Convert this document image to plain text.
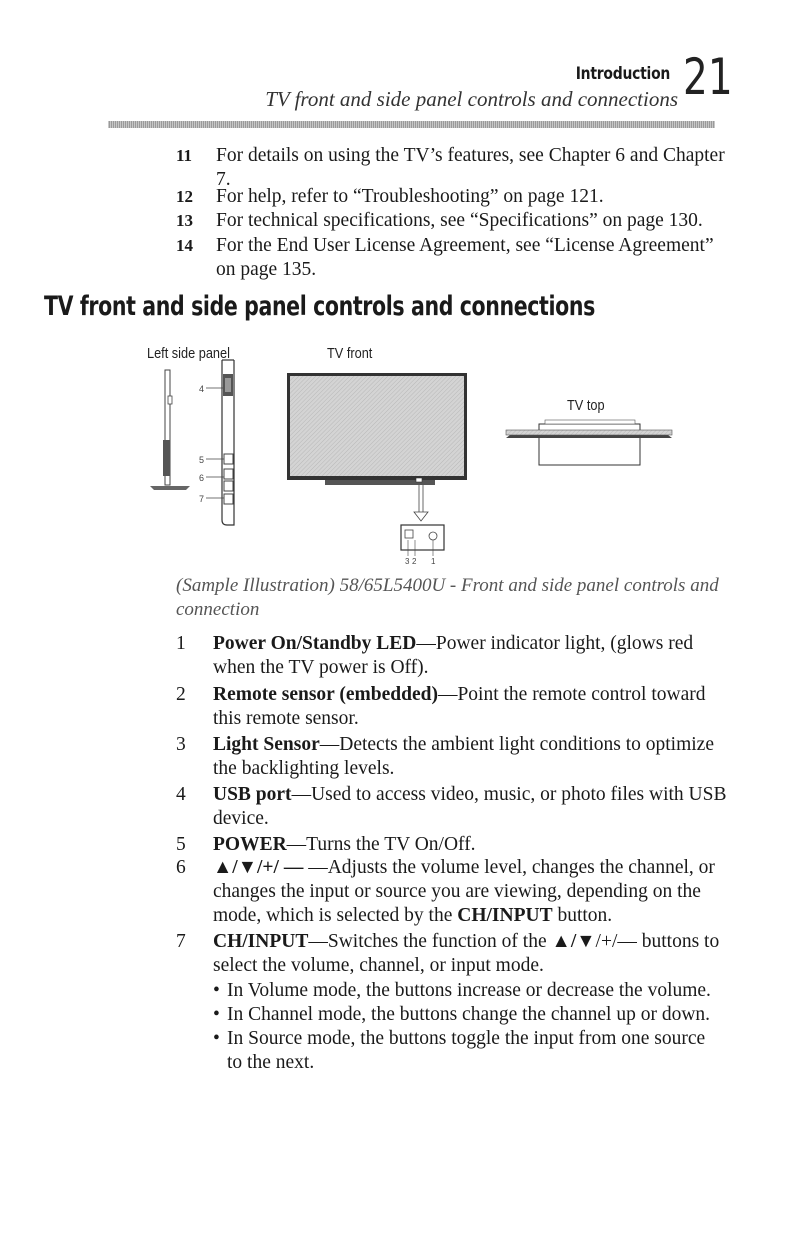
Introduction
TV front and side panel controls and connections 21
11	For details on using the TV’s features, see Chapter 6 and Chapter 7.
12	For help, refer to “Troubleshooting” on page 121.
13	For technical specifications, see “Specifications” on page 130.
14	For the End User License Agreement, see “License Agreement” on page 135.
TV front and side panel controls and connections
Left side panel	TV front
TV top
4
5
6
7
3 2 1
(Sample Illustration) 58/65L5400U - Front and side panel controls and connection
1 Power On/Standby LED—Power indicator light, (glows red when the TV power is Off).
2 Remote sensor (embedded)—Point the remote control toward this remote sensor.
3 Light Sensor—Detects the ambient light conditions to optimize the backlighting levels.
4 USB port—Used to access video, music, or photo files with USB device.
5 POWER—Turns the TV On/Off.
6 ▲/▼/+/ — —Adjusts the volume level, changes the channel, or changes the input or source you are viewing, depending on the mode, which is selected by the CH/INPUT button.
7 CH/INPUT—Switches the function of the ▲/▼/+/— buttons to select the volume, channel, or input mode.
• In Volume mode, the buttons increase or decrease the volume.
• In Channel mode, the buttons change the channel up or down.
• In Source mode, the buttons toggle the input from one source to the next.
